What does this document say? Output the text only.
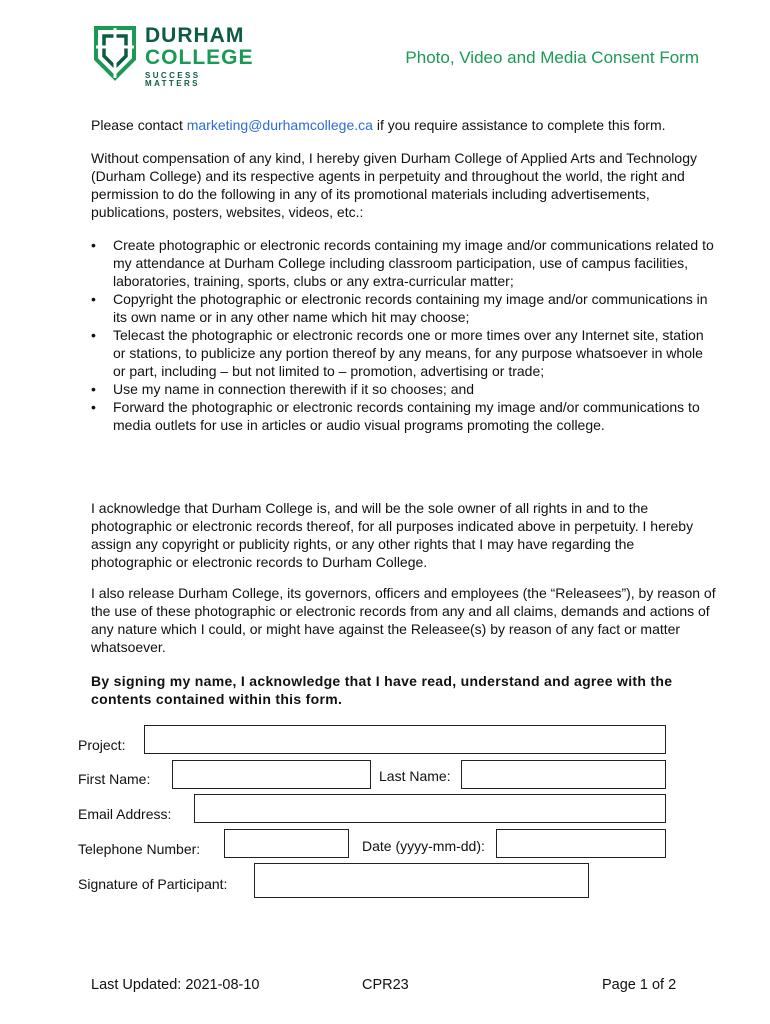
DURHAM
COLLEGE
SUCCESS MATTERS
Photo, Video and Media Consent Form
Please contact marketing@durhamcollege.ca if you require assistance to complete this form.
Without compensation of any kind, I hereby given Durham College of Applied Arts and Technology (Durham College) and its respective agents in perpetuity and throughout the world, the right and permission to do the following in any of its promotional materials including advertisements, publications, posters, websites, videos, etc.:
• Create photographic or electronic records containing my image and/or communications related to my attendance at Durham College including classroom participation, use of campus facilities, laboratories, training, sports, clubs or any extra-curricular matter;
• Copyright the photographic or electronic records containing my image and/or communications in its own name or in any other name which hit may choose;
• Telecast the photographic or electronic records one or more times over any Internet site, station or stations, to publicize any portion thereof by any means, for any purpose whatsoever in whole or part, including – but not limited to – promotion, advertising or trade;
• Use my name in connection therewith if it so chooses; and
• Forward the photographic or electronic records containing my image and/or communications to media outlets for use in articles or audio visual programs promoting the college.
I acknowledge that Durham College is, and will be the sole owner of all rights in and to the photographic or electronic records thereof, for all purposes indicated above in perpetuity. I hereby assign any copyright or publicity rights, or any other rights that I may have regarding the photographic or electronic records to Durham College.
I also release Durham College, its governors, officers and employees (the “Releasees”), by reason of the use of these photographic or electronic records from any and all claims, demands and actions of any nature which I could, or might have against the Releasee(s) by reason of any fact or matter whatsoever.
By signing my name, I acknowledge that I have read, understand and agree with the contents contained within this form.
Project:
First Name:	Last Name:
Email Address:
Telephone Number:	Date (yyyy-mm-dd):
Signature of Participant:
Last Updated: 2021-08-10	CPR23	Page 1 of 2
